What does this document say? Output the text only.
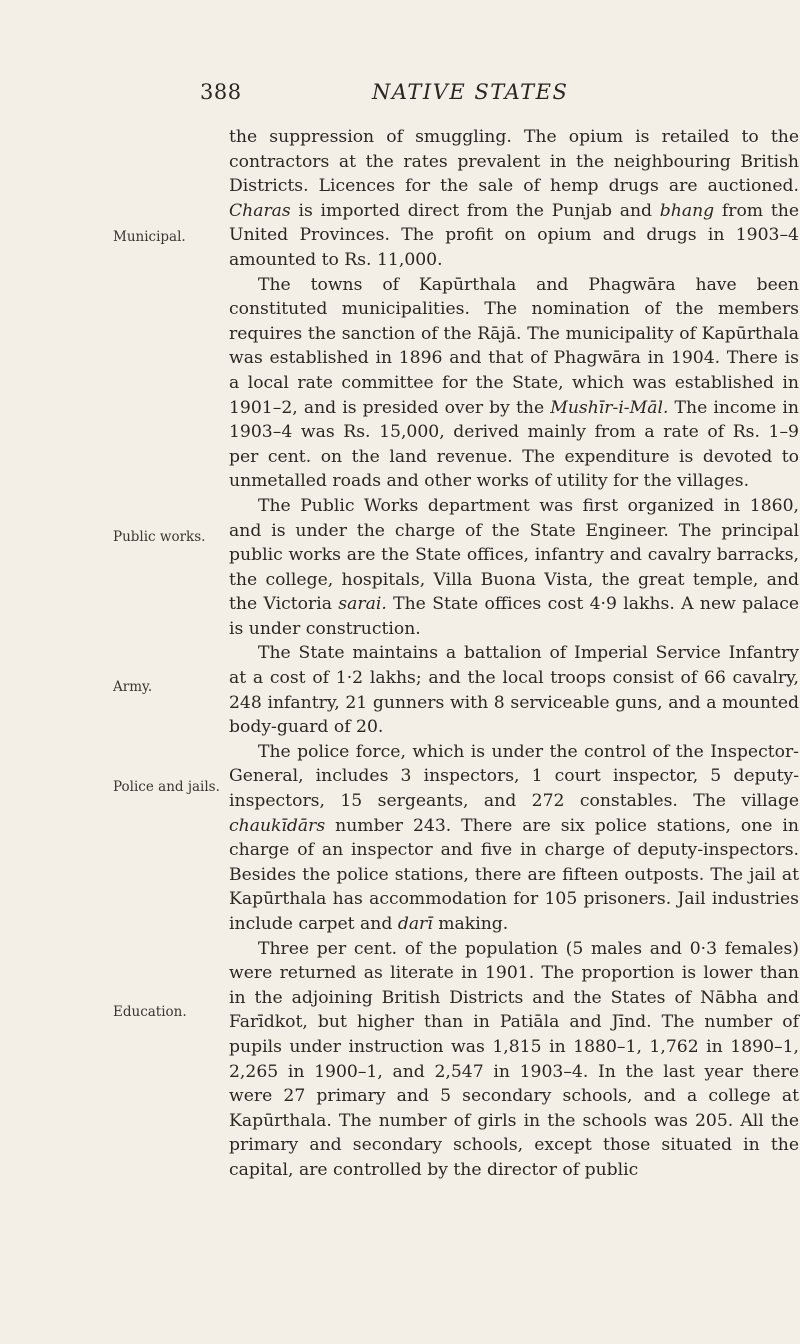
388	NATIVE STATES
Municipal.
Public works.
Army.
Police and jails.
Education.

the suppression of smuggling. The opium is retailed to the contractors at the rates prevalent in the neighbouring British Districts. Licences for the sale of hemp drugs are auctioned. Charas is imported direct from the Punjab and bhang from the United Provinces. The profit on opium and drugs in 1903–4 amounted to Rs. 11,000.

The towns of Kapūrthala and Phagwāra have been constituted municipalities. The nomination of the members requires the sanction of the Rājā. The municipality of Kapūrthala was established in 1896 and that of Phagwāra in 1904. There is a local rate committee for the State, which was established in 1901–2, and is presided over by the Mushīr-i-Māl. The income in 1903–4 was Rs. 15,000, derived mainly from a rate of Rs. 1–9 per cent. on the land revenue. The expenditure is devoted to unmetalled roads and other works of utility for the villages.

The Public Works department was first organized in 1860, and is under the charge of the State Engineer. The principal public works are the State offices, infantry and cavalry barracks, the college, hospitals, Villa Buona Vista, the great temple, and the Victoria sarai. The State offices cost 4·9 lakhs. A new palace is under construction.

The State maintains a battalion of Imperial Service Infantry at a cost of 1·2 lakhs; and the local troops consist of 66 cavalry, 248 infantry, 21 gunners with 8 serviceable guns, and a mounted body-guard of 20.

The police force, which is under the control of the Inspector-General, includes 3 inspectors, 1 court inspector, 5 deputy-inspectors, 15 sergeants, and 272 constables. The village chaukīdārs number 243. There are six police stations, one in charge of an inspector and five in charge of deputy-inspectors. Besides the police stations, there are fifteen outposts. The jail at Kapūrthala has accommodation for 105 prisoners. Jail industries include carpet and darī making.

Three per cent. of the population (5 males and 0·3 females) were returned as literate in 1901. The proportion is lower than in the adjoining British Districts and the States of Nābha and Farīdkot, but higher than in Patiāla and Jīnd. The number of pupils under instruction was 1,815 in 1880–1, 1,762 in 1890–1, 2,265 in 1900–1, and 2,547 in 1903–4. In the last year there were 27 primary and 5 secondary schools, and a college at Kapūrthala. The number of girls in the schools was 205. All the primary and secondary schools, except those situated in the capital, are controlled by the director of public
